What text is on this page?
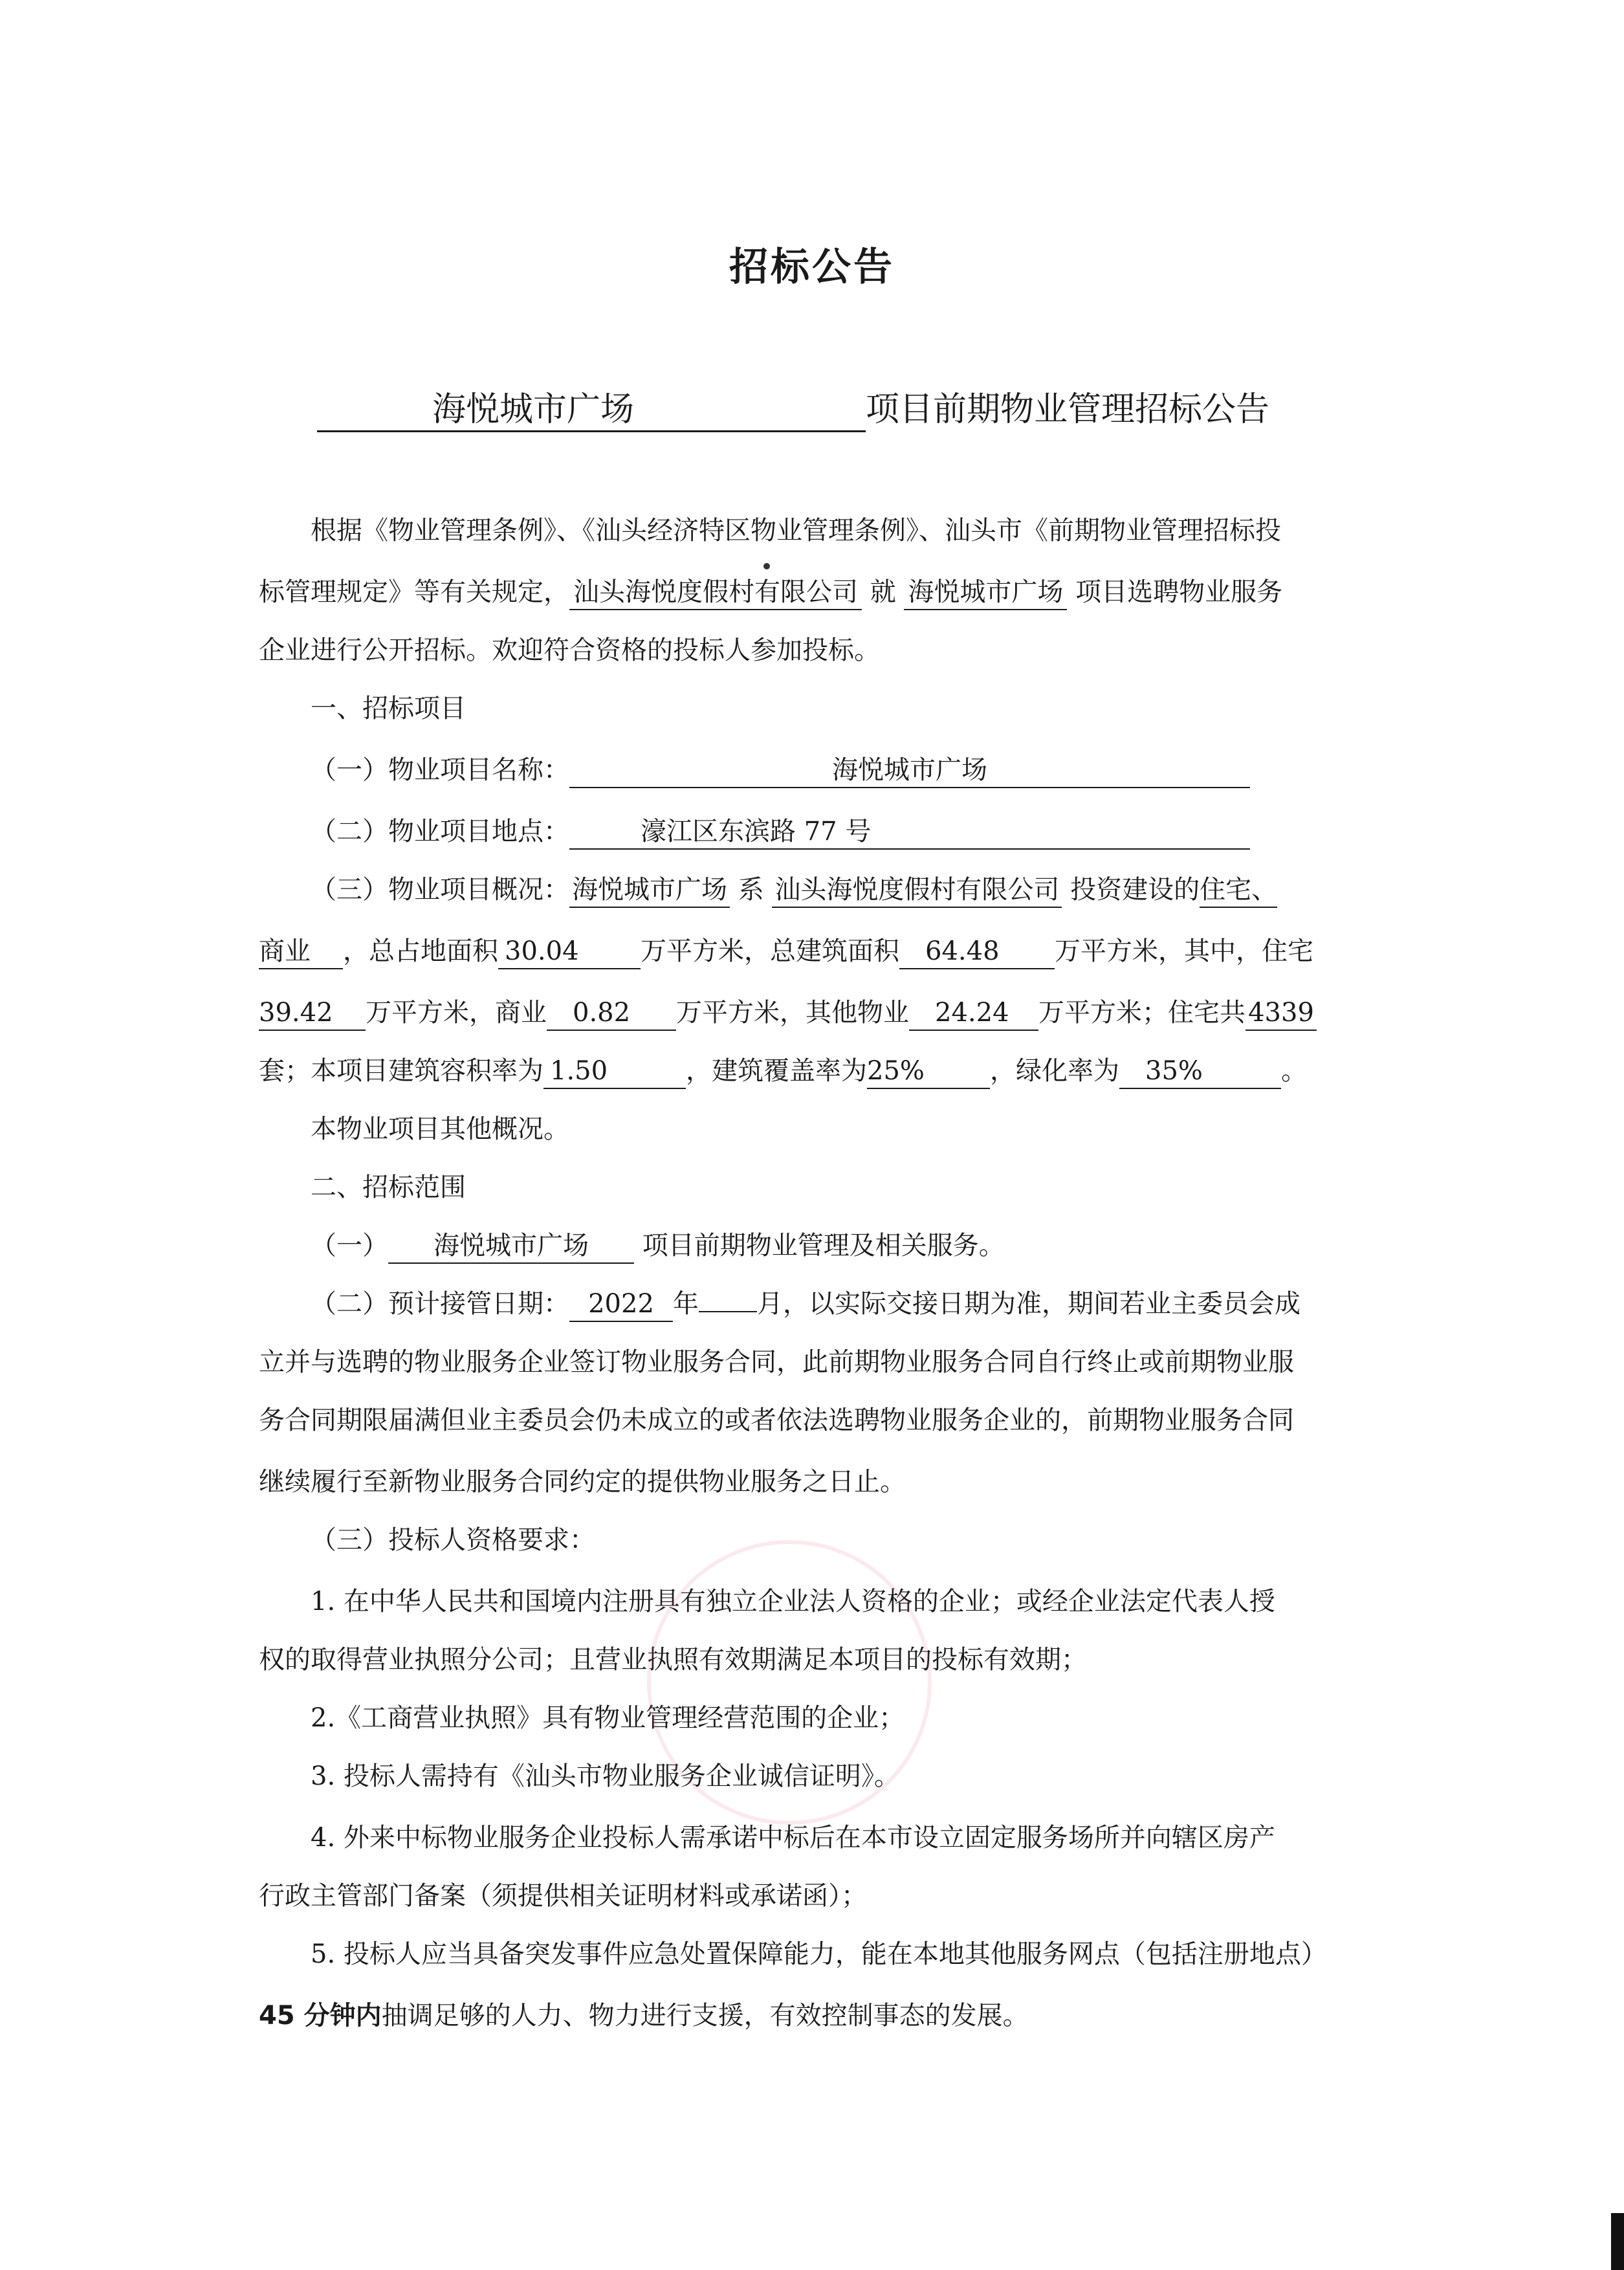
招标公告
海悦城市广场	项目前期物业管理招标公告
根据《物业管理条例》、《汕头经济特区物业管理条例》、汕头市《前期物业管理招标投
标管理规定》等有关规定， 汕头海悦度假村有限公司 就 海悦城市广场 项目选聘物业服务
企业进行公开招标。欢迎符合资格的投标人参加投标。
一、招标项目
（一）物业项目名称：	海悦城市广场
（二）物业项目地点：	濠江区东滨路 77 号
（三）物业项目概况： 海悦城市广场 系 汕头海悦度假村有限公司 投资建设的住宅、
商业 ，总占地面积 30.04 万平方米，总建筑面积 64.48 万平方米，其中，住宅
39.42 万平方米，商业 0.82 万平方米，其他物业 24.24 万平方米；住宅共 4339
套；本项目建筑容积率为 1.50	，建筑覆盖率为25%	，绿化率为 35%	。
本物业项目其他概况。
二、招标范围
（一） 海悦城市广场 项目前期物业管理及相关服务。
（二）预计接管日期： 2022 年 月，以实际交接日期为准，期间若业主委员会成
立并与选聘的物业服务企业签订物业服务合同，此前期物业服务合同自行终止或前期物业服
务合同期限届满但业主委员会仍未成立的或者依法选聘物业服务企业的，前期物业服务合同
继续履行至新物业服务合同约定的提供物业服务之日止。
（三）投标人资格要求：
1. 在中华人民共和国境内注册具有独立企业法人资格的企业；或经企业法定代表人授
权的取得营业执照分公司；且营业执照有效期满足本项目的投标有效期；
2.《工商营业执照》具有物业管理经营范围的企业；
3. 投标人需持有《汕头市物业服务企业诚信证明》。
4. 外来中标物业服务企业投标人需承诺中标后在本市设立固定服务场所并向辖区房产
行政主管部门备案（须提供相关证明材料或承诺函）；
5. 投标人应当具备突发事件应急处置保障能力，能在本地其他服务网点（包括注册地点）
45 分钟内抽调足够的人力、物力进行支援，有效控制事态的发展。
